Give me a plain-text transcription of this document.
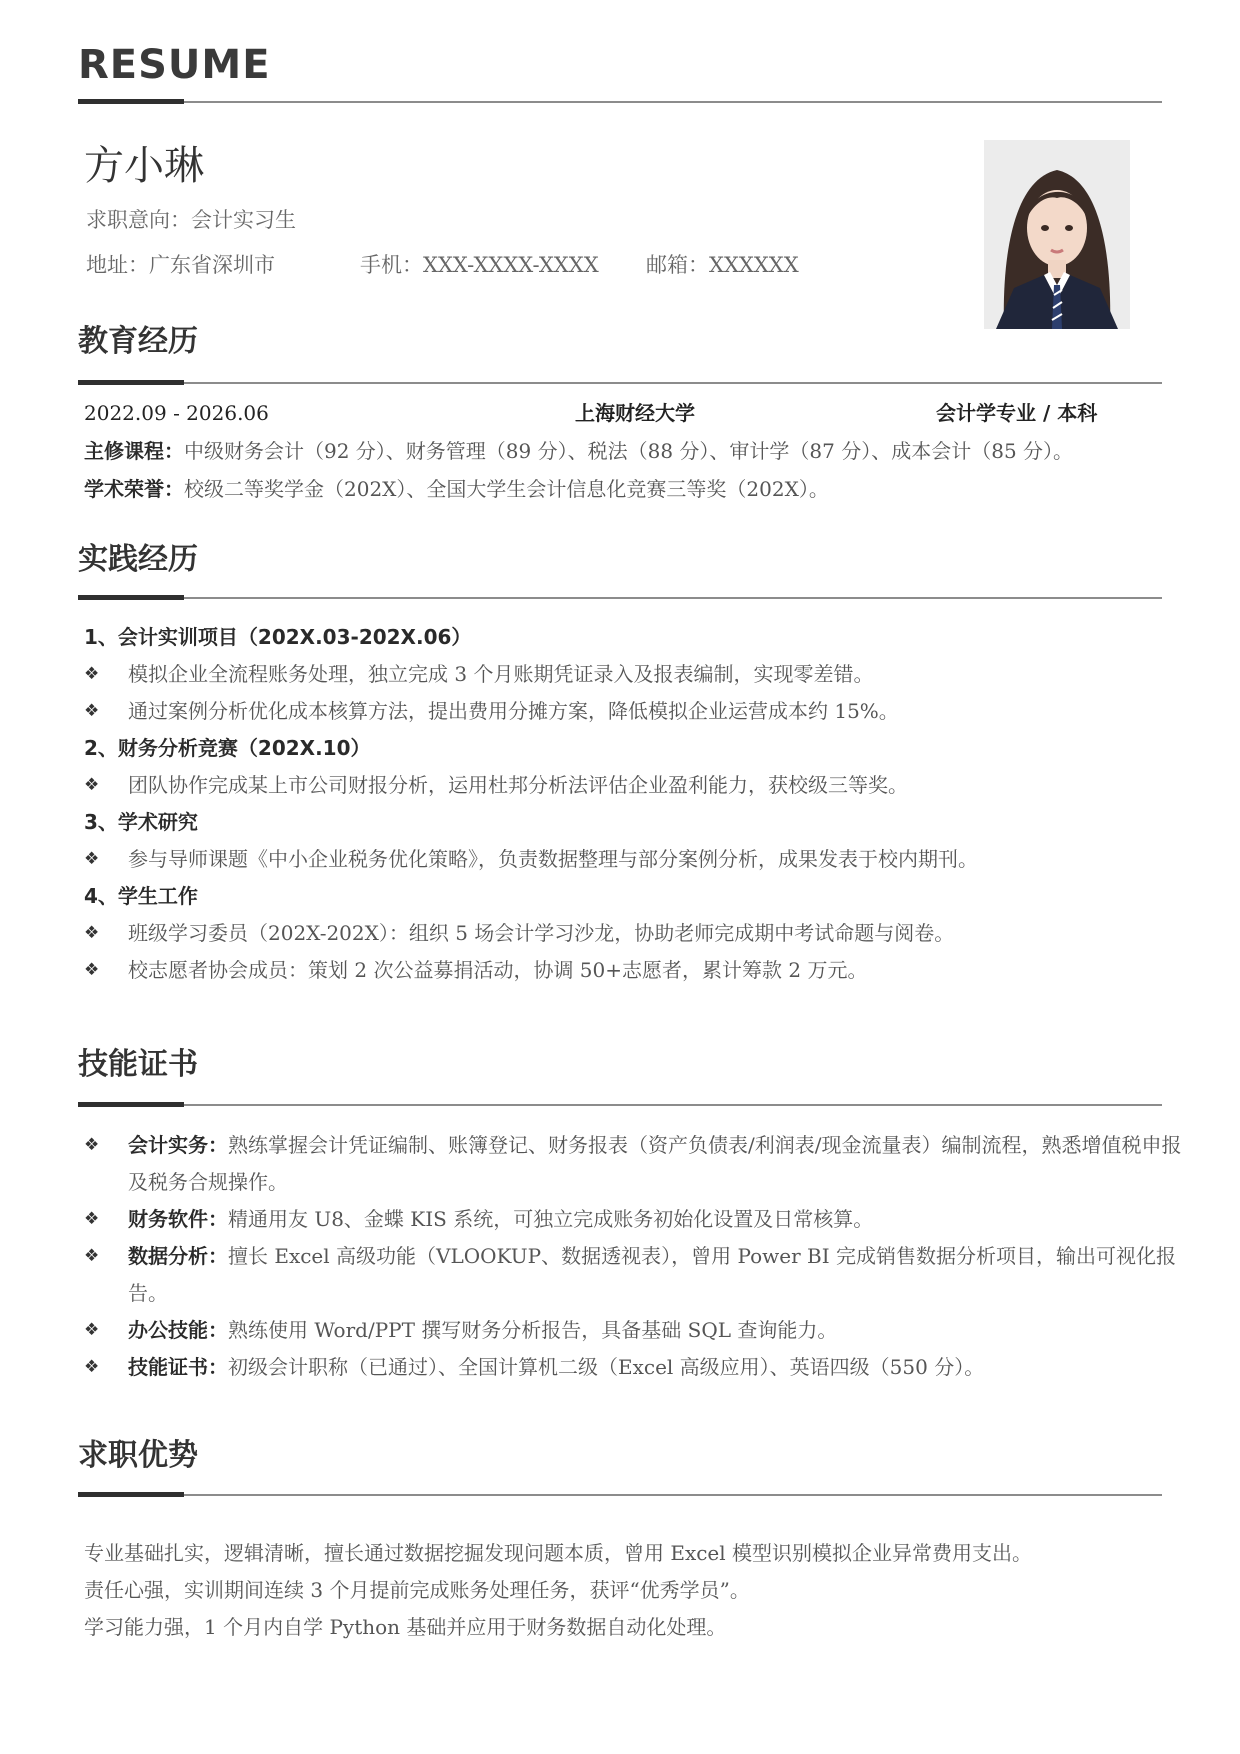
RESUME
方小琳
求职意向：会计实习生
地址：广东省深圳市	手机：XXX-XXXX-XXXX 邮箱：XXXXXX
教育经历
2022.09 - 2026.06	上海财经大学	会计学专业 / 本科
主修课程：中级财务会计（92 分）、财务管理（89 分）、税法（88 分）、审计学（87 分）、成本会计（85 分）。
学术荣誉：校级二等奖学金（202X）、全国大学生会计信息化竞赛三等奖（202X）。
实践经历
1、会计实训项目（202X.03-202X.06）
❖	模拟企业全流程账务处理，独立完成 3 个月账期凭证录入及报表编制，实现零差错。
❖	通过案例分析优化成本核算方法，提出费用分摊方案，降低模拟企业运营成本约 15%。
2、财务分析竞赛（202X.10）
❖	团队协作完成某上市公司财报分析，运用杜邦分析法评估企业盈利能力，获校级三等奖。
3、学术研究
❖	参与导师课题《中小企业税务优化策略》，负责数据整理与部分案例分析，成果发表于校内期刊。
4、学生工作
❖	班级学习委员（202X-202X）：组织 5 场会计学习沙龙，协助老师完成期中考试命题与阅卷。
❖	校志愿者协会成员：策划 2 次公益募捐活动，协调 50+志愿者，累计筹款 2 万元。
技能证书
❖	会计实务：熟练掌握会计凭证编制、账簿登记、财务报表（资产负债表/利润表/现金流量表）编制流程，熟悉增值税申报及税务合规操作。
❖	财务软件：精通用友 U8、金蝶 KIS 系统，可独立完成账务初始化设置及日常核算。
❖	数据分析：擅长 Excel 高级功能（VLOOKUP、数据透视表），曾用 Power BI 完成销售数据分析项目，输出可视化报告。
❖	办公技能：熟练使用 Word/PPT 撰写财务分析报告，具备基础 SQL 查询能力。
❖	技能证书：初级会计职称（已通过）、全国计算机二级（Excel 高级应用）、英语四级（550 分）。
求职优势
专业基础扎实，逻辑清晰，擅长通过数据挖掘发现问题本质，曾用 Excel 模型识别模拟企业异常费用支出。
责任心强，实训期间连续 3 个月提前完成账务处理任务，获评“优秀学员”。
学习能力强，1 个月内自学 Python 基础并应用于财务数据自动化处理。
